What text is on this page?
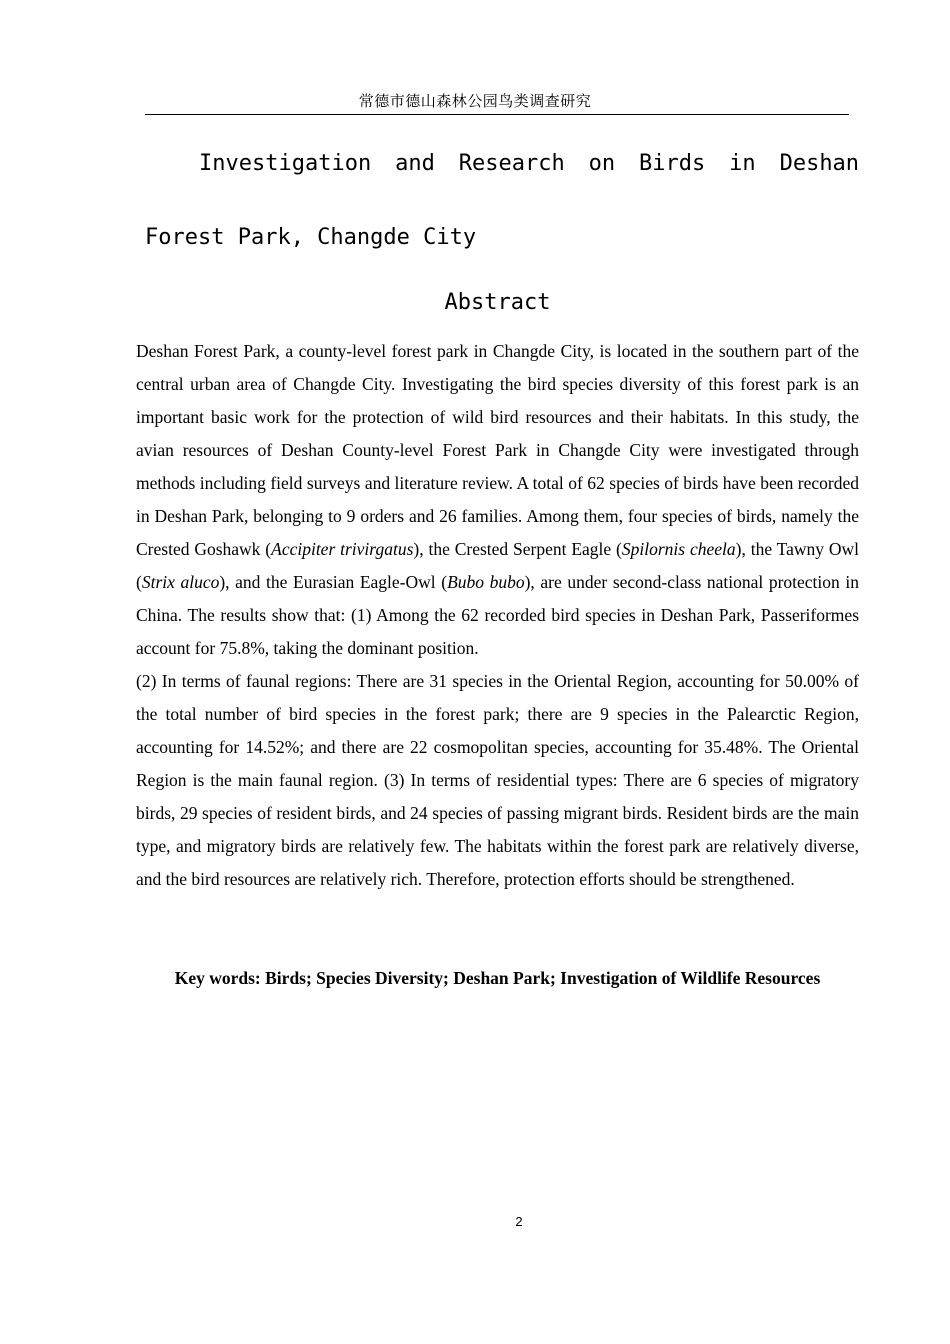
常德市德山森林公园鸟类调查研究
Investigation and Research on Birds in Deshan
Forest Park, Changde City
Abstract

Deshan Forest Park, a county-level forest park in Changde City, is located in the southern part of the central urban area of Changde City. Investigating the bird species diversity of this forest park is an important basic work for the protection of wild bird resources and their habitats. In this study, the avian resources of Deshan County-level Forest Park in Changde City were investigated through methods including field surveys and literature review. A total of 62 species of birds have been recorded in Deshan Park, belonging to 9 orders and 26 families. Among them, four species of birds, namely the Crested Goshawk (Accipiter trivirgatus), the Crested Serpent Eagle (Spilornis cheela), the Tawny Owl (Strix aluco), and the Eurasian Eagle-Owl (Bubo bubo), are under second-class national protection in China. The results show that: (1) Among the 62 recorded bird species in Deshan Park, Passeriformes account for 75.8%, taking the dominant position.

(2) In terms of faunal regions: There are 31 species in the Oriental Region, accounting for 50.00% of the total number of bird species in the forest park; there are 9 species in the Palearctic Region, accounting for 14.52%; and there are 22 cosmopolitan species, accounting for 35.48%. The Oriental Region is the main faunal region. (3) In terms of residential types: There are 6 species of migratory birds, 29 species of resident birds, and 24 species of passing migrant birds. Resident birds are the main type, and migratory birds are relatively few. The habitats within the forest park are relatively diverse, and the bird resources are relatively rich. Therefore, protection efforts should be strengthened.

Key words: Birds; Species Diversity; Deshan Park; Investigation of Wildlife Resources
2
